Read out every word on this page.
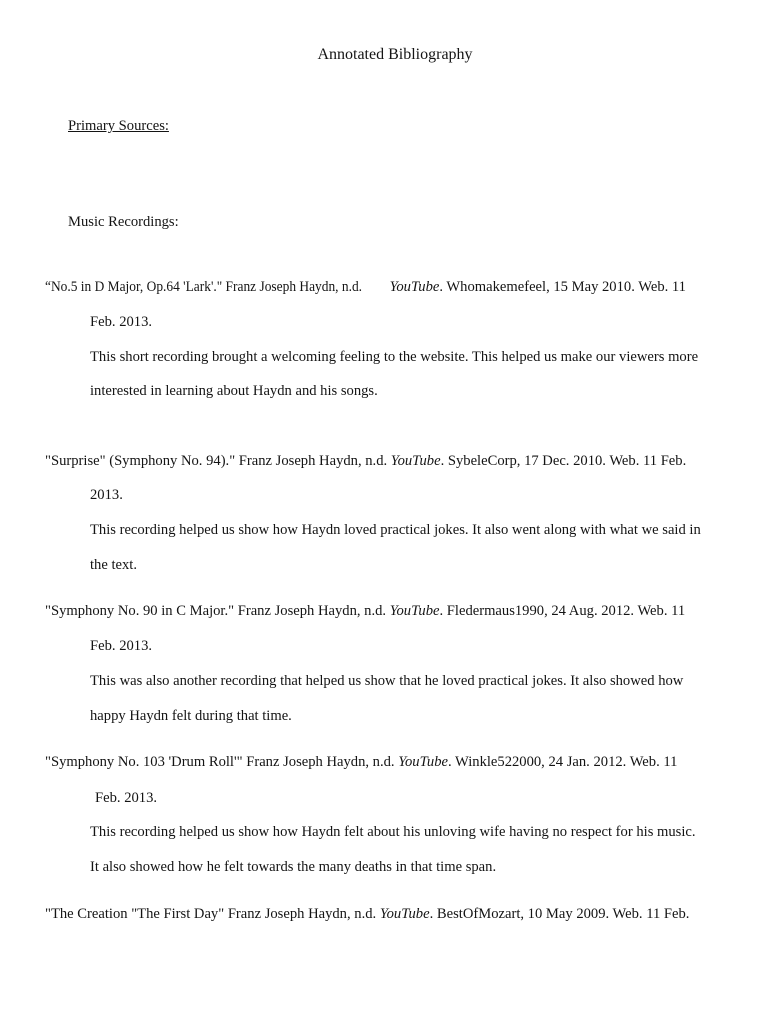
Annotated Bibliography
Primary Sources:
Music Recordings:
“No.5 in D Major, Op.64 'Lark'." Franz Joseph Haydn, n.d.YouTube. Whomakemefeel, 15 May 2010. Web. 11
Feb. 2013.
This short recording brought a welcoming feeling to the website. This helped us make our viewers more
interested in learning about Haydn and his songs.
"Surprise" (Symphony No. 94)." Franz Joseph Haydn, n.d. YouTube. SybeleCorp, 17 Dec. 2010. Web. 11 Feb.
2013.
This recording helped us show how Haydn loved practical jokes. It also went along with what we said in
the text.
"Symphony No. 90 in C Major." Franz Joseph Haydn, n.d. YouTube. Fledermaus1990, 24 Aug. 2012. Web. 11
Feb. 2013.
This was also another recording that helped us show that he loved practical jokes. It also showed how
happy Haydn felt during that time.
"Symphony No. 103 'Drum Roll'" Franz Joseph Haydn, n.d. YouTube. Winkle522000, 24 Jan. 2012. Web. 11
Feb. 2013.
This recording helped us show how Haydn felt about his unloving wife having no respect for his music.
It also showed how he felt towards the many deaths in that time span.
"The Creation "The First Day" Franz Joseph Haydn, n.d. YouTube. BestOfMozart, 10 May 2009. Web. 11 Feb.
